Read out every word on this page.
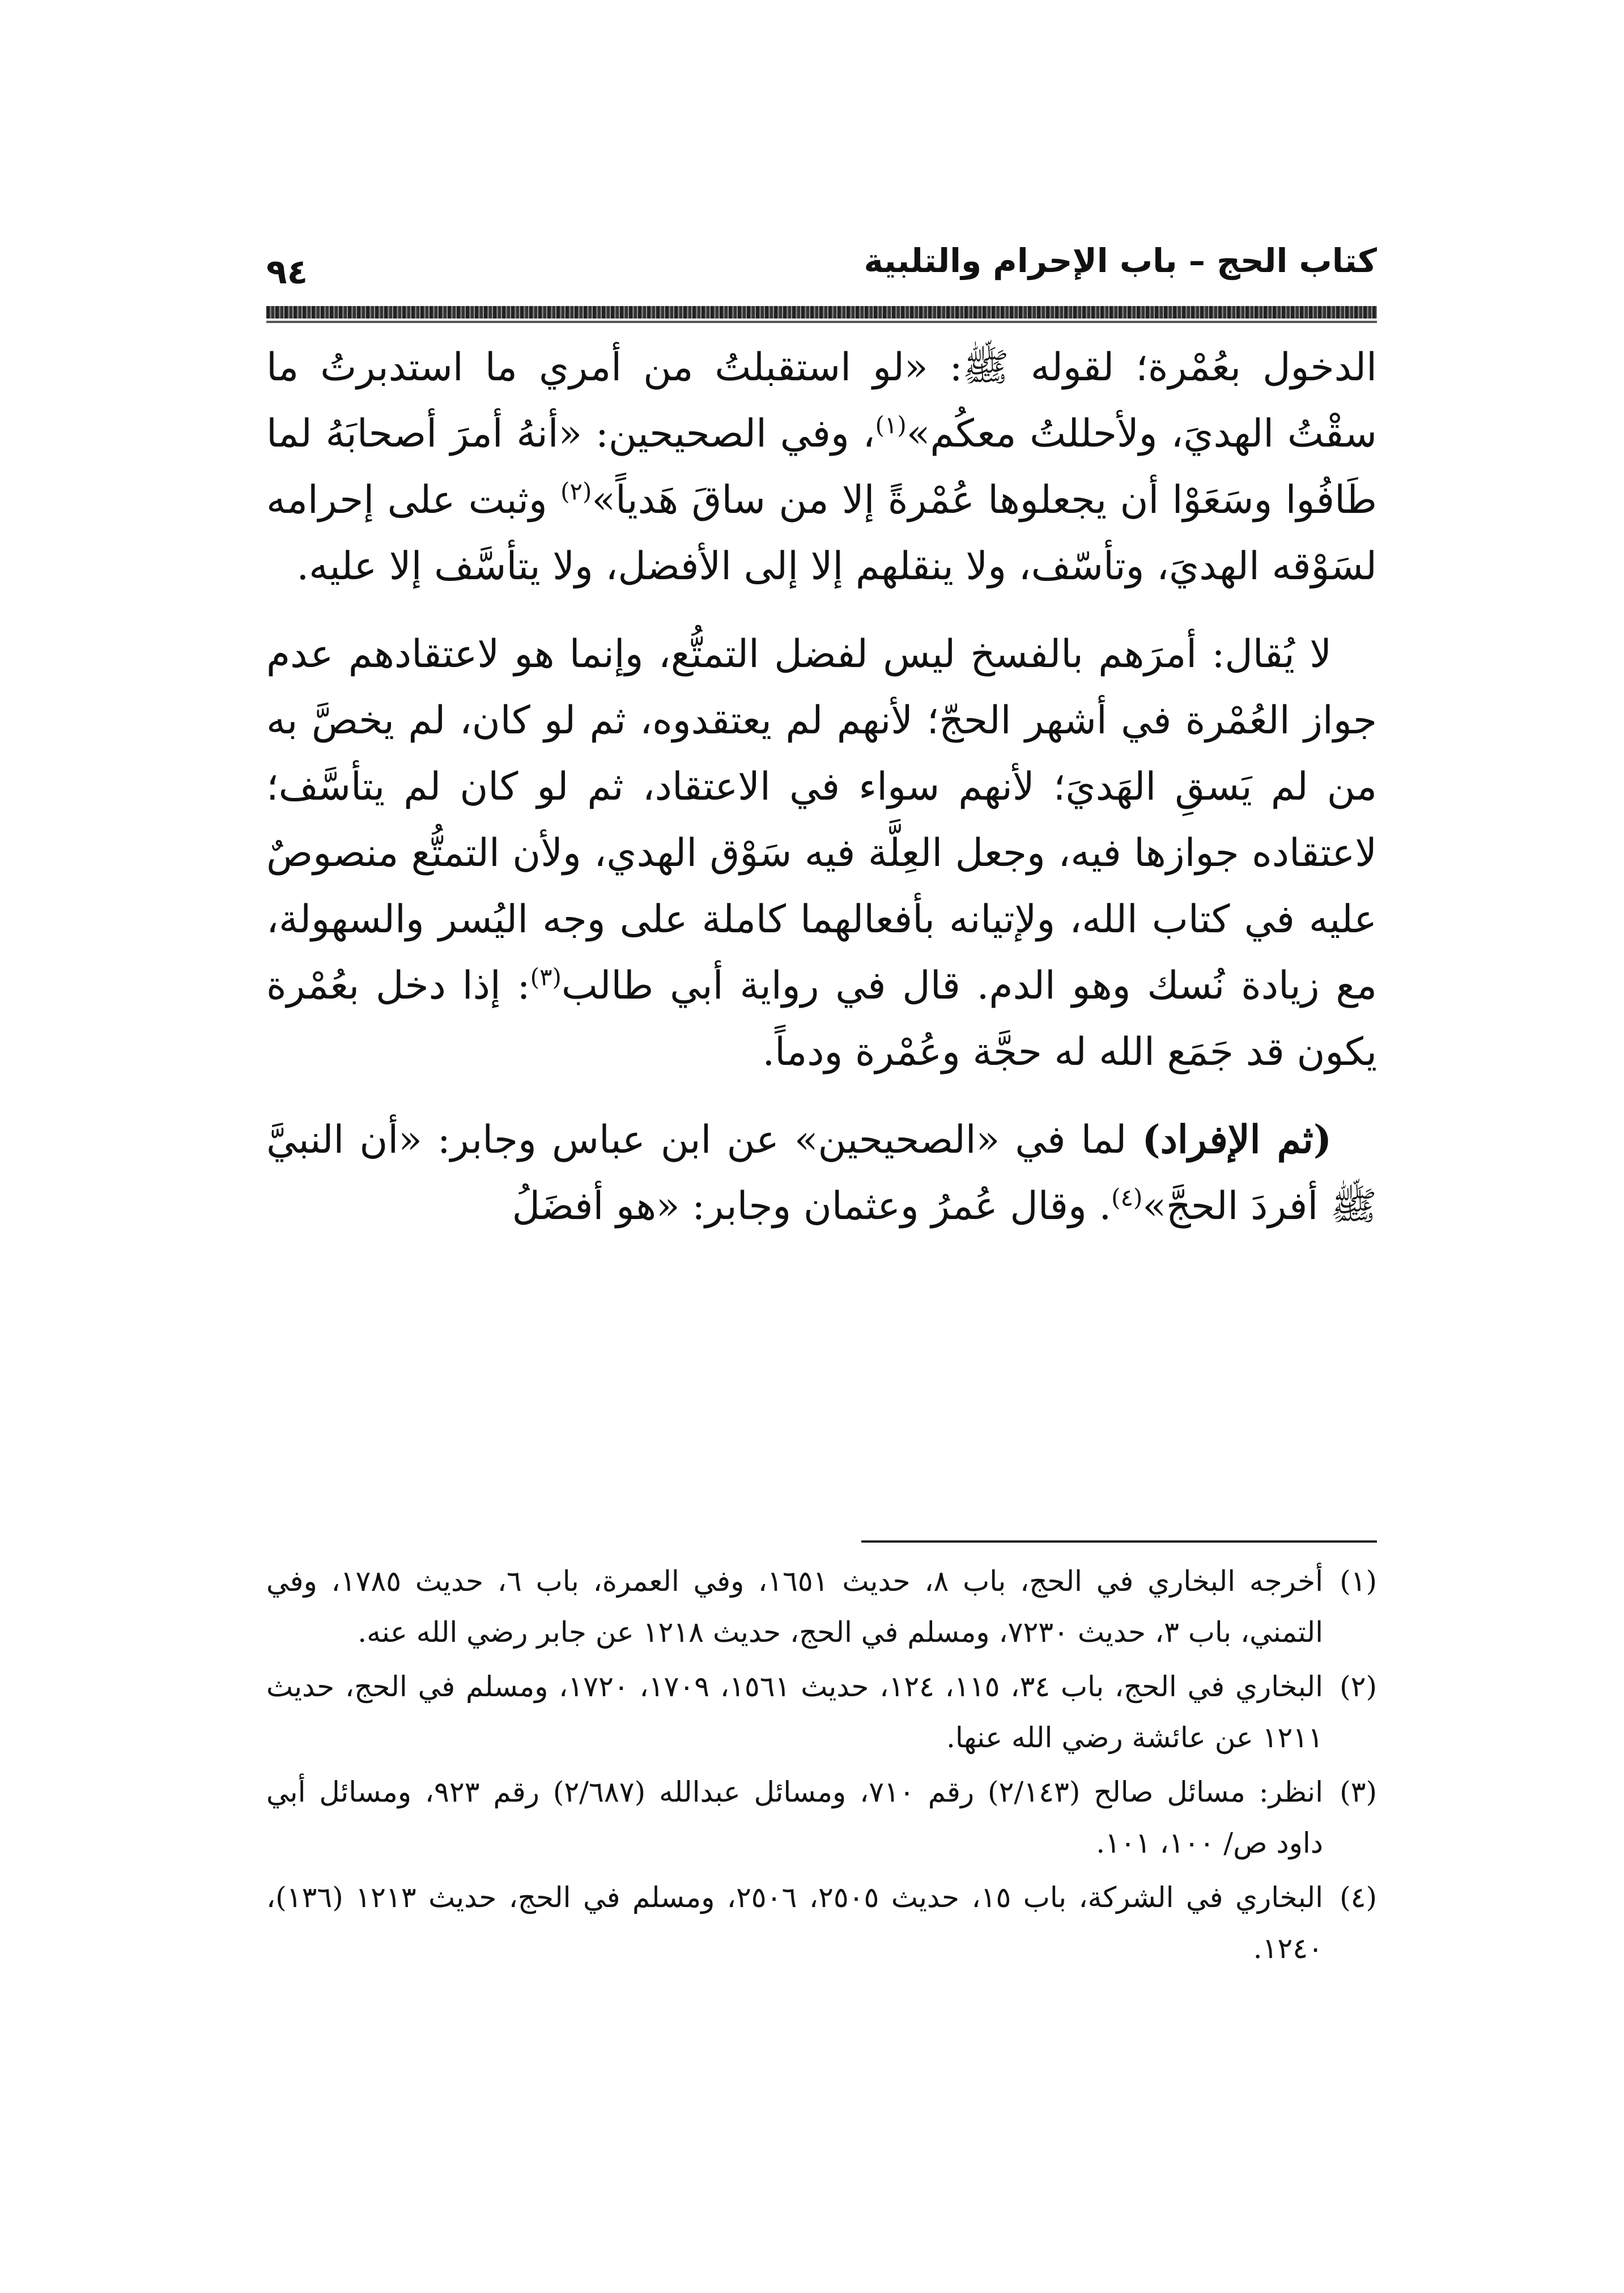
كتاب الحج – باب الإحرام والتلبية
٩٤

الدخول بعُمْرة؛ لقوله ﷺ: «لو استقبلتُ من أمري ما استدبرتُ ما سقْتُ الهديَ، ولأحللتُ معكُم»$^{(١)}$، وفي الصحيحين: «أنهُ أمرَ أصحابَهُ لما طَافُوا وسَعَوْا أن يجعلوها عُمْرةً إلا من ساقَ هَدياً»$^{(٢)}$ وثبت على إحرامه لسَوْقه الهديَ، وتأسّف، ولا ينقلهم إلا إلى الأفضل، ولا يتأسَّف إلا عليه.

لا يُقال: أمرَهم بالفسخ ليس لفضل التمتُّع، وإنما هو لاعتقادهم عدم جواز العُمْرة في أشهر الحجّ؛ لأنهم لم يعتقدوه، ثم لو كان، لم يخصَّ به من لم يَسقِ الهَديَ؛ لأنهم سواء في الاعتقاد، ثم لو كان لم يتأسَّف؛ لاعتقاده جوازها فيه، وجعل العِلَّة فيه سَوْق الهدي، ولأن التمتُّع منصوصٌ عليه في كتاب الله، ولإتيانه بأفعالهما كاملة على وجه اليُسر والسهولة، مع زيادة نُسك وهو الدم. قال في رواية أبي طالب$^{(٣)}$: إذا دخل بعُمْرة يكون قد جَمَع الله له حجَّة وعُمْرة ودماً.

(ثم الإفراد) لما في «الصحيحين» عن ابن عباس وجابر: «أن النبيَّ ﷺ أفردَ الحجَّ»$^{(٤)}$. وقال عُمرُ وعثمان وجابر: «هو أفضَلُ

(١)
أخرجه البخاري في الحج، باب ٨، حديث ١٦٥١، وفي العمرة، باب ٦، حديث ١٧٨٥، وفي التمني، باب ٣، حديث ٧٢٣٠، ومسلم في الحج، حديث ١٢١٨ عن جابر رضي الله عنه.
(٢)
البخاري في الحج، باب ٣٤، ١١٥، ١٢٤، حديث ١٥٦١، ١٧٠٩، ١٧٢٠، ومسلم في الحج، حديث ١٢١١ عن عائشة رضي الله عنها.
(٣)
انظر: مسائل صالح (٢/١٤٣) رقم ٧١٠، ومسائل عبدالله (٢/٦٨٧) رقم ٩٢٣، ومسائل أبي داود ص/ ١٠٠، ١٠١.
(٤)
البخاري في الشركة، باب ١٥، حديث ٢٥٠٥، ٢٥٠٦، ومسلم في الحج، حديث ١٢١٣ (١٣٦)، ١٢٤٠.
